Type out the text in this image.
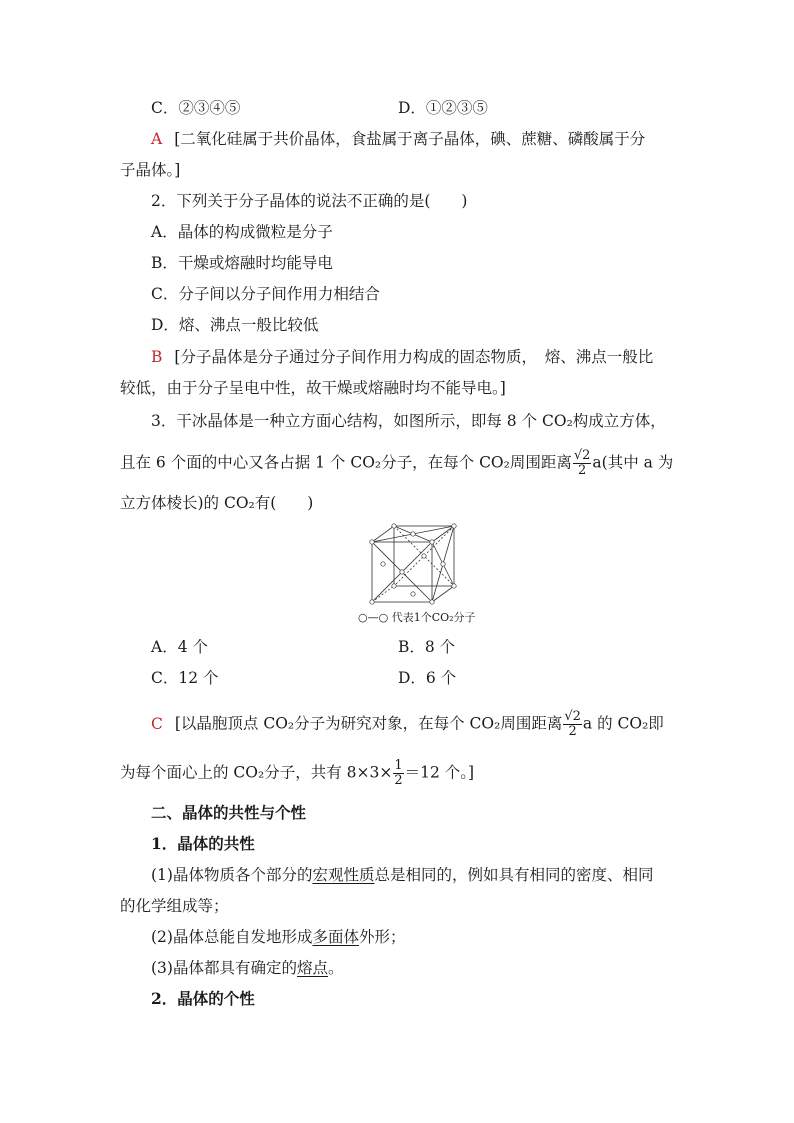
C．②③④⑤	D．①②③⑤
A [二氧化硅属于共价晶体，食盐属于离子晶体，碘、蔗糖、磷酸属于分
子晶体。]
2．下列关于分子晶体的说法不正确的是(　　)
A．晶体的构成微粒是分子
B．干燥或熔融时均能导电
C．分子间以分子间作用力相结合
D．熔、沸点一般比较低
B [分子晶体是分子通过分子间作用力构成的固态物质，　熔、沸点一般比
较低，由于分子呈电中性，故干燥或熔融时均不能导电。]
3．干冰晶体是一种立方面心结构，如图所示，即每 8 个 CO₂构成立方体，
且在 6 个面的中心又各占据 1 个 CO₂分子，在每个 CO₂周围距离 $\frac{√2}{2} a$(其中 a 为
立方体棱长)的 CO₂有(　　)
○—○ 代表1个CO₂分子
A．4 个	B．8 个
C．12 个	D．6 个
C [以晶胞顶点 CO₂分子为研究对象，在每个 CO₂周围距离 $\frac{√2}{2}$ a 的 CO₂即
为每个面心上的 CO₂分子，共有 $8\times 3\times \frac{1}{2} =12$ 个。]
二、晶体的共性与个性
1．晶体的共性
(1)晶体物质各个部分的宏观性质总是相同的，例如具有相同的密度、相同
的化学组成等；
(2)晶体总能自发地形成多面体外形；
(3)晶体都具有确定的熔点。
2．晶体的个性
